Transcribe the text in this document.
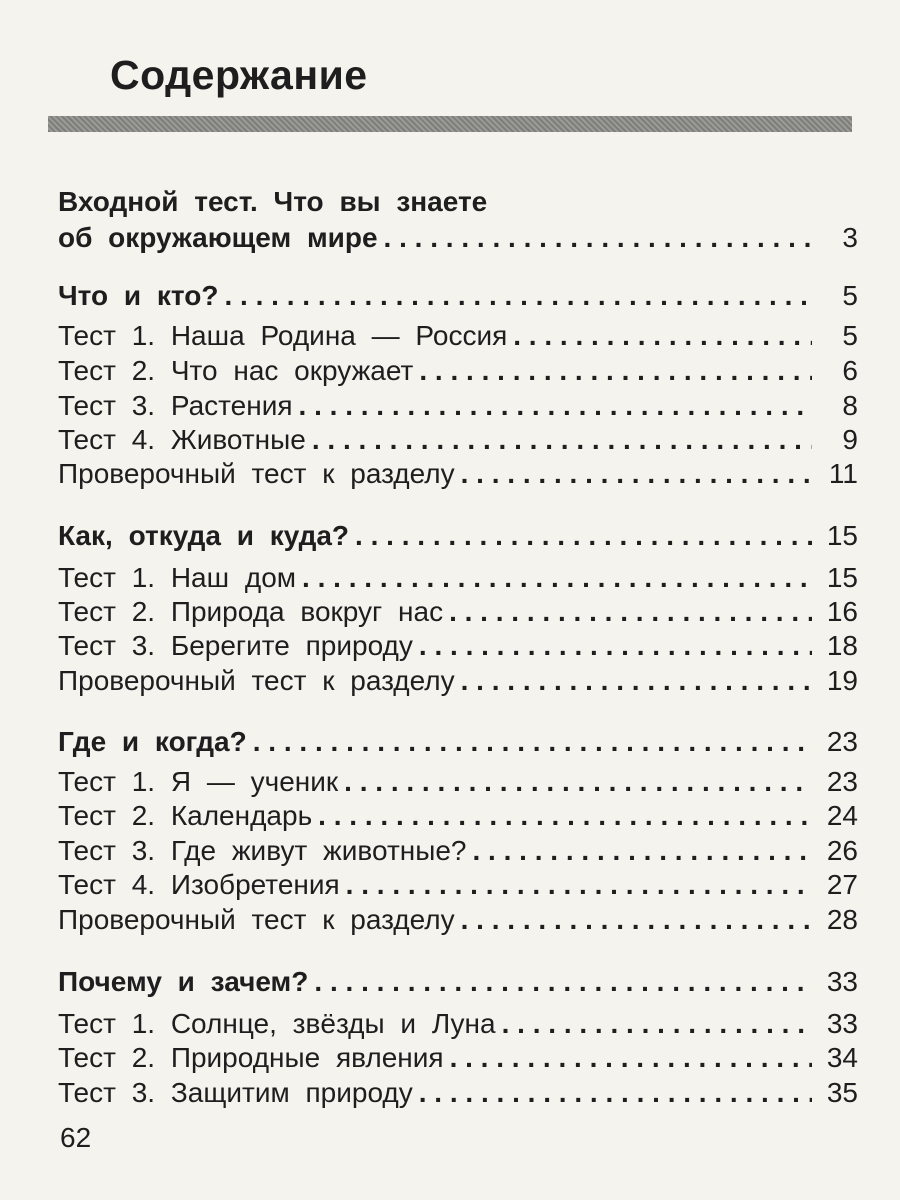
Содержание
Входной тест. Что вы знаете
об окружающем мире . . .	3
Что и кто? . . .	5
Тест 1. Наша Родина — Россия . . .	5
Тест 2. Что нас окружает . . .	6
Тест 3. Растения . . .	8
Тест 4. Животные . . .	9
Проверочный тест к разделу . . .	11
Как, откуда и куда? . . .	15
Тест 1. Наш дом . . .	15
Тест 2. Природа вокруг нас . . .	16
Тест 3. Берегите природу . . .	18
Проверочный тест к разделу . . .	19
Где и когда? . . .	23
Тест 1. Я — ученик . . .	23
Тест 2. Календарь . . .	24
Тест 3. Где живут животные? . . .	26
Тест 4. Изобретения . . .	27
Проверочный тест к разделу . . .	28
Почему и зачем? . . .	33
Тест 1. Солнце, звёзды и Луна . . .	33
Тест 2. Природные явления . . .	34
Тест 3. Защитим природу . . .	35
62
